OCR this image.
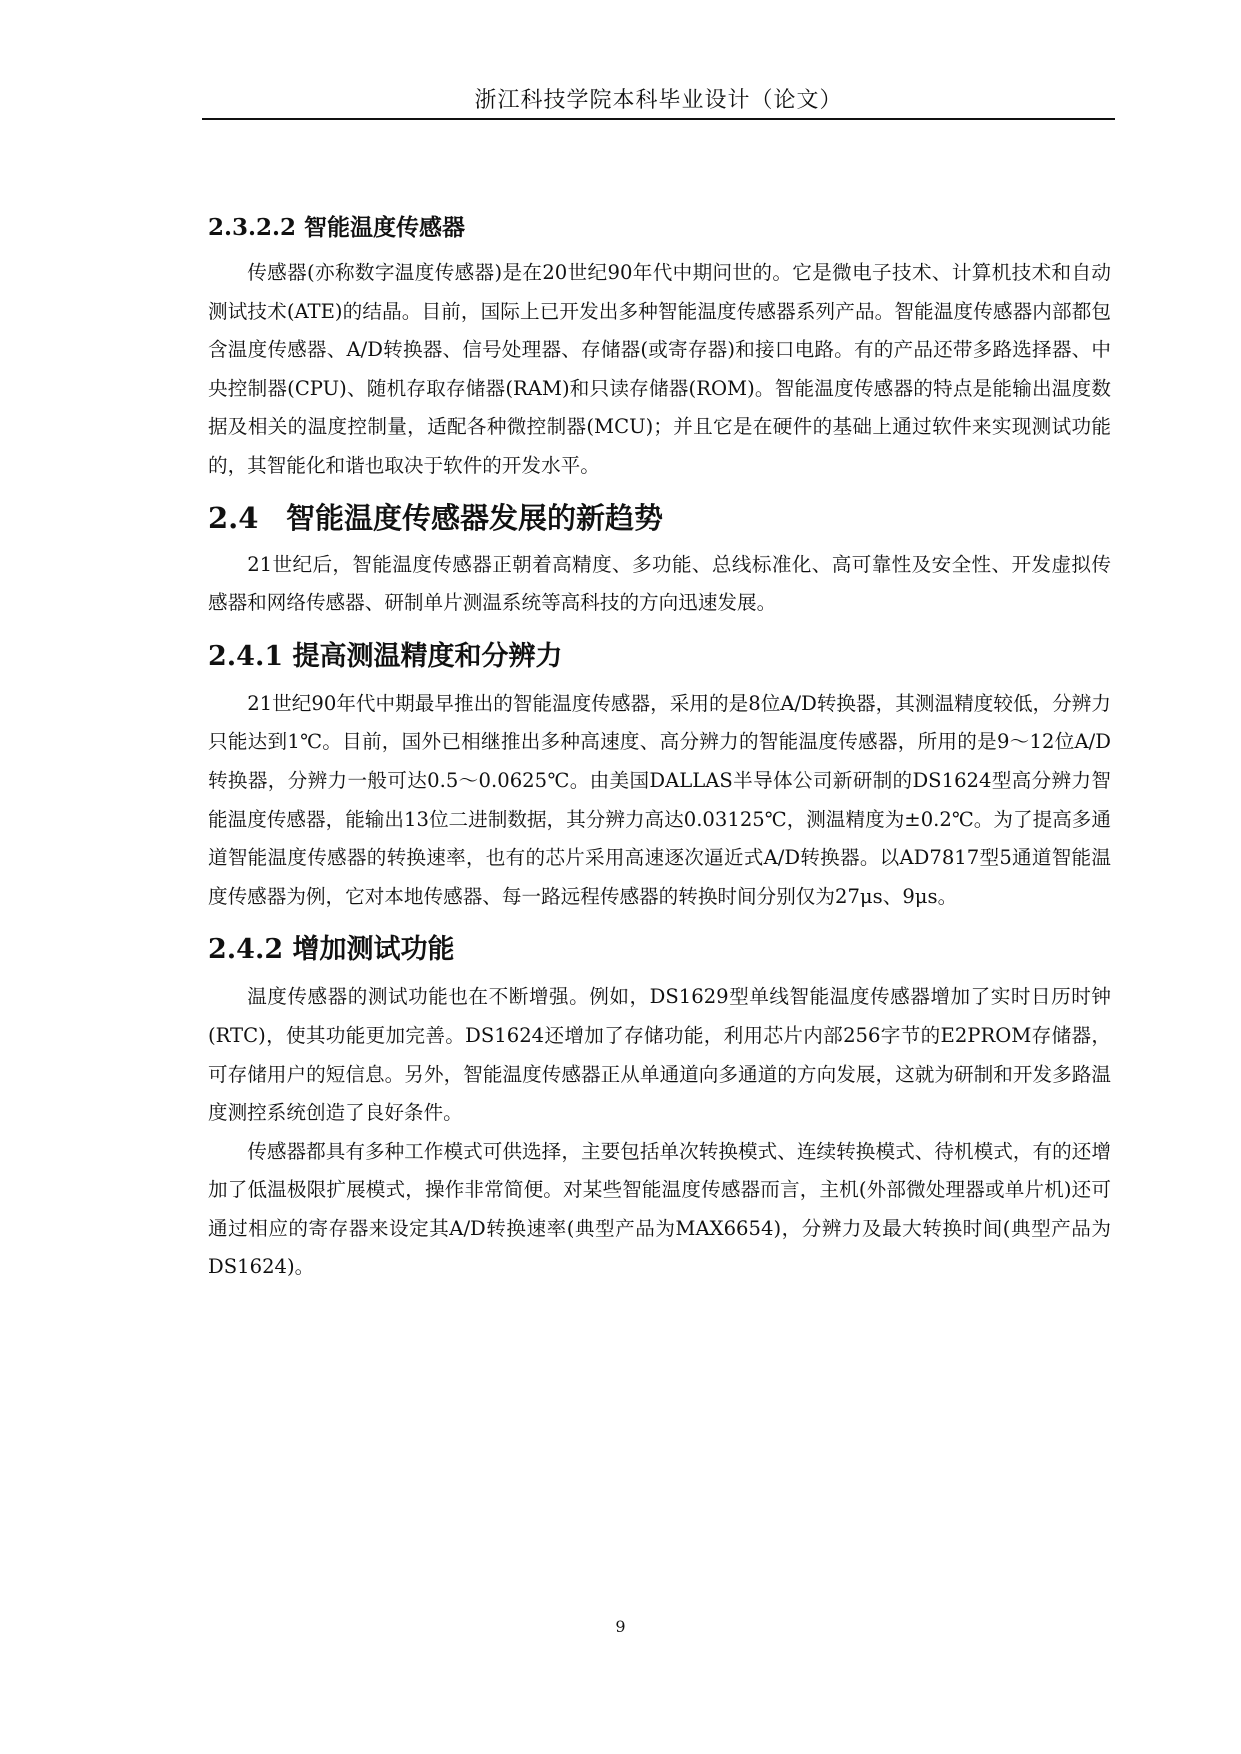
浙江科技学院本科毕业设计（论文）
2.3.2.2 智能温度传感器

传感器(亦称数字温度传感器)是在20世纪90年代中期问世的。它是微电子技术、计算机技术和自动测试技术(ATE)的结晶。目前，国际上已开发出多种智能温度传感器系列产品。智能温度传感器内部都包含温度传感器、A/D转换器、信号处理器、存储器(或寄存器)和接口电路。有的产品还带多路选择器、中央控制器(CPU)、随机存取存储器(RAM)和只读存储器(ROM)。智能温度传感器的特点是能输出温度数据及相关的温度控制量，适配各种微控制器(MCU)；并且它是在硬件的基础上通过软件来实现测试功能的，其智能化和谐也取决于软件的开发水平。

2.4 智能温度传感器发展的新趋势

21世纪后，智能温度传感器正朝着高精度、多功能、总线标准化、高可靠性及安全性、开发虚拟传感器和网络传感器、研制单片测温系统等高科技的方向迅速发展。

2.4.1 提高测温精度和分辨力

21世纪90年代中期最早推出的智能温度传感器，采用的是8位A/D转换器，其测温精度较低，分辨力只能达到1℃。目前，国外已相继推出多种高速度、高分辨力的智能温度传感器，所用的是9～12位A/D转换器，分辨力一般可达0.5～0.0625℃。由美国DALLAS半导体公司新研制的DS1624型高分辨力智能温度传感器，能输出13位二进制数据，其分辨力高达0.03125℃，测温精度为±0.2℃。为了提高多通道智能温度传感器的转换速率，也有的芯片采用高速逐次逼近式A/D转换器。以AD7817型5通道智能温度传感器为例，它对本地传感器、每一路远程传感器的转换时间分别仅为27μs、9μs。

2.4.2 增加测试功能

温度传感器的测试功能也在不断增强。例如，DS1629型单线智能温度传感器增加了实时日历时钟(RTC)，使其功能更加完善。DS1624还增加了存储功能，利用芯片内部256字节的E2PROM存储器，可存储用户的短信息。另外，智能温度传感器正从单通道向多通道的方向发展，这就为研制和开发多路温度测控系统创造了良好条件。

传感器都具有多种工作模式可供选择，主要包括单次转换模式、连续转换模式、待机模式，有的还增加了低温极限扩展模式，操作非常简便。对某些智能温度传感器而言，主机(外部微处理器或单片机)还可通过相应的寄存器来设定其A/D转换速率(典型产品为MAX6654)，分辨力及最大转换时间(典型产品为DS1624)。

9
